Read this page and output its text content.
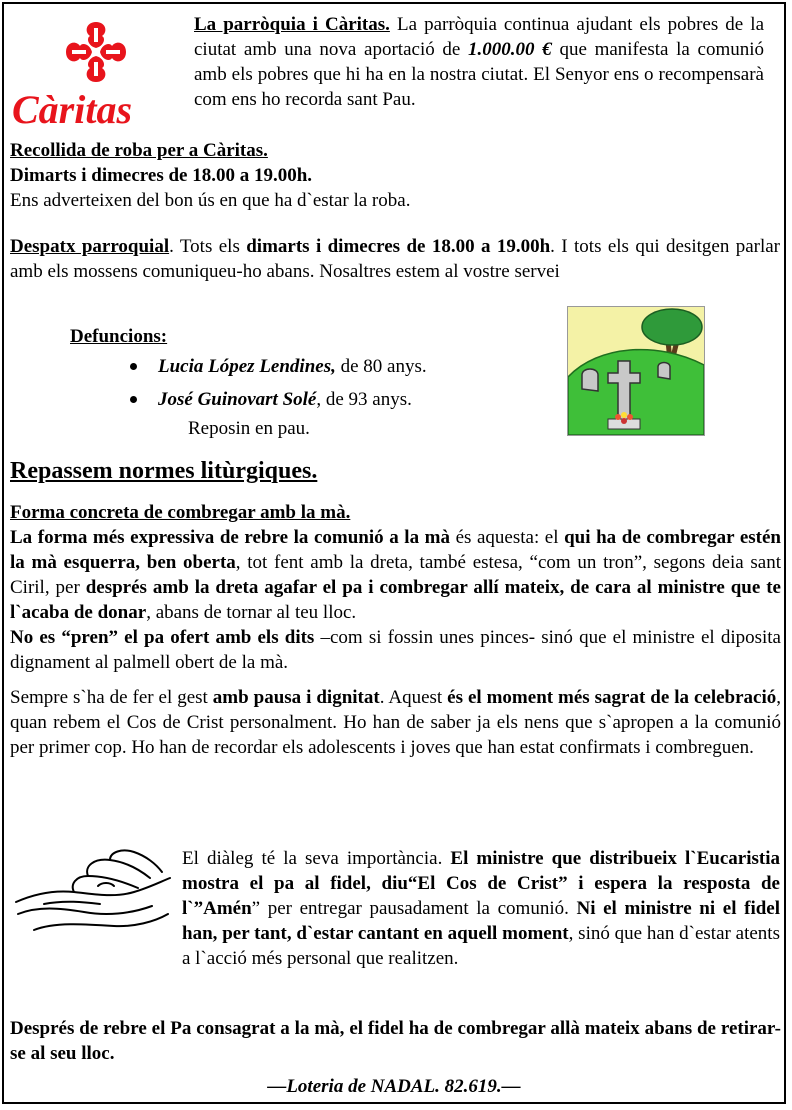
Càritas

La parròquia i Càritas. La parròquia continua ajudant els pobres de la ciutat amb una nova aportació de 1.000.00 € que manifesta la comunió amb els pobres que hi ha en la nostra ciutat. El Senyor ens o recompensarà com ens ho recorda sant Pau.

Recollida de roba per a Càritas.

Dimarts i dimecres de 18.00 a 19.00h.

Ens adverteixen del bon ús en que ha d`estar la roba.

Despatx parroquial. Tots els dimarts i dimecres de 18.00 a 19.00h. I tots els qui desitgen parlar amb els mossens comuniqueu-ho abans. Nosaltres estem al vostre servei

Defuncions:

Lucia López Lendines, de 80 anys.

José Guinovart Solé, de 93 anys.

Reposin en pau.

Repassem normes litùrgiques.

Forma concreta de combregar amb la mà.

La forma més expressiva de rebre la comunió a la mà és aquesta: el qui ha de combregar estén la mà esquerra, ben oberta, tot fent amb la dreta, també estesa, “com un tron”, segons deia sant Ciril, per després amb la dreta agafar el pa i combregar allí mateix, de cara al ministre que te l`acaba de donar, abans de tornar al teu lloc.

No es “pren” el pa ofert amb els dits –com si fossin unes pinces- sinó que el ministre el diposita dignament al palmell obert de la mà.

Sempre s`ha de fer el gest amb pausa i dignitat. Aquest és el moment més sagrat de la celebració, quan rebem el Cos de Crist personalment. Ho han de saber ja els nens que s`apropen a la comunió per primer cop. Ho han de recordar els adolescents i joves que han estat confirmats i combreguen.

El diàleg té la seva importància. El ministre que distribueix l`Eucaristia mostra el pa al fidel, diu“El Cos de Crist” i espera la resposta de l`”Amén” per entregar pausadament la comunió. Ni el ministre ni el fidel han, per tant, d`estar cantant en aquell moment, sinó que han d`estar atents a l`acció més personal que realitzen.

Després de rebre el Pa consagrat a la mà, el fidel ha de combregar allà mateix abans de retirar-se al seu lloc.

—Loteria de NADAL. 82.619.—
